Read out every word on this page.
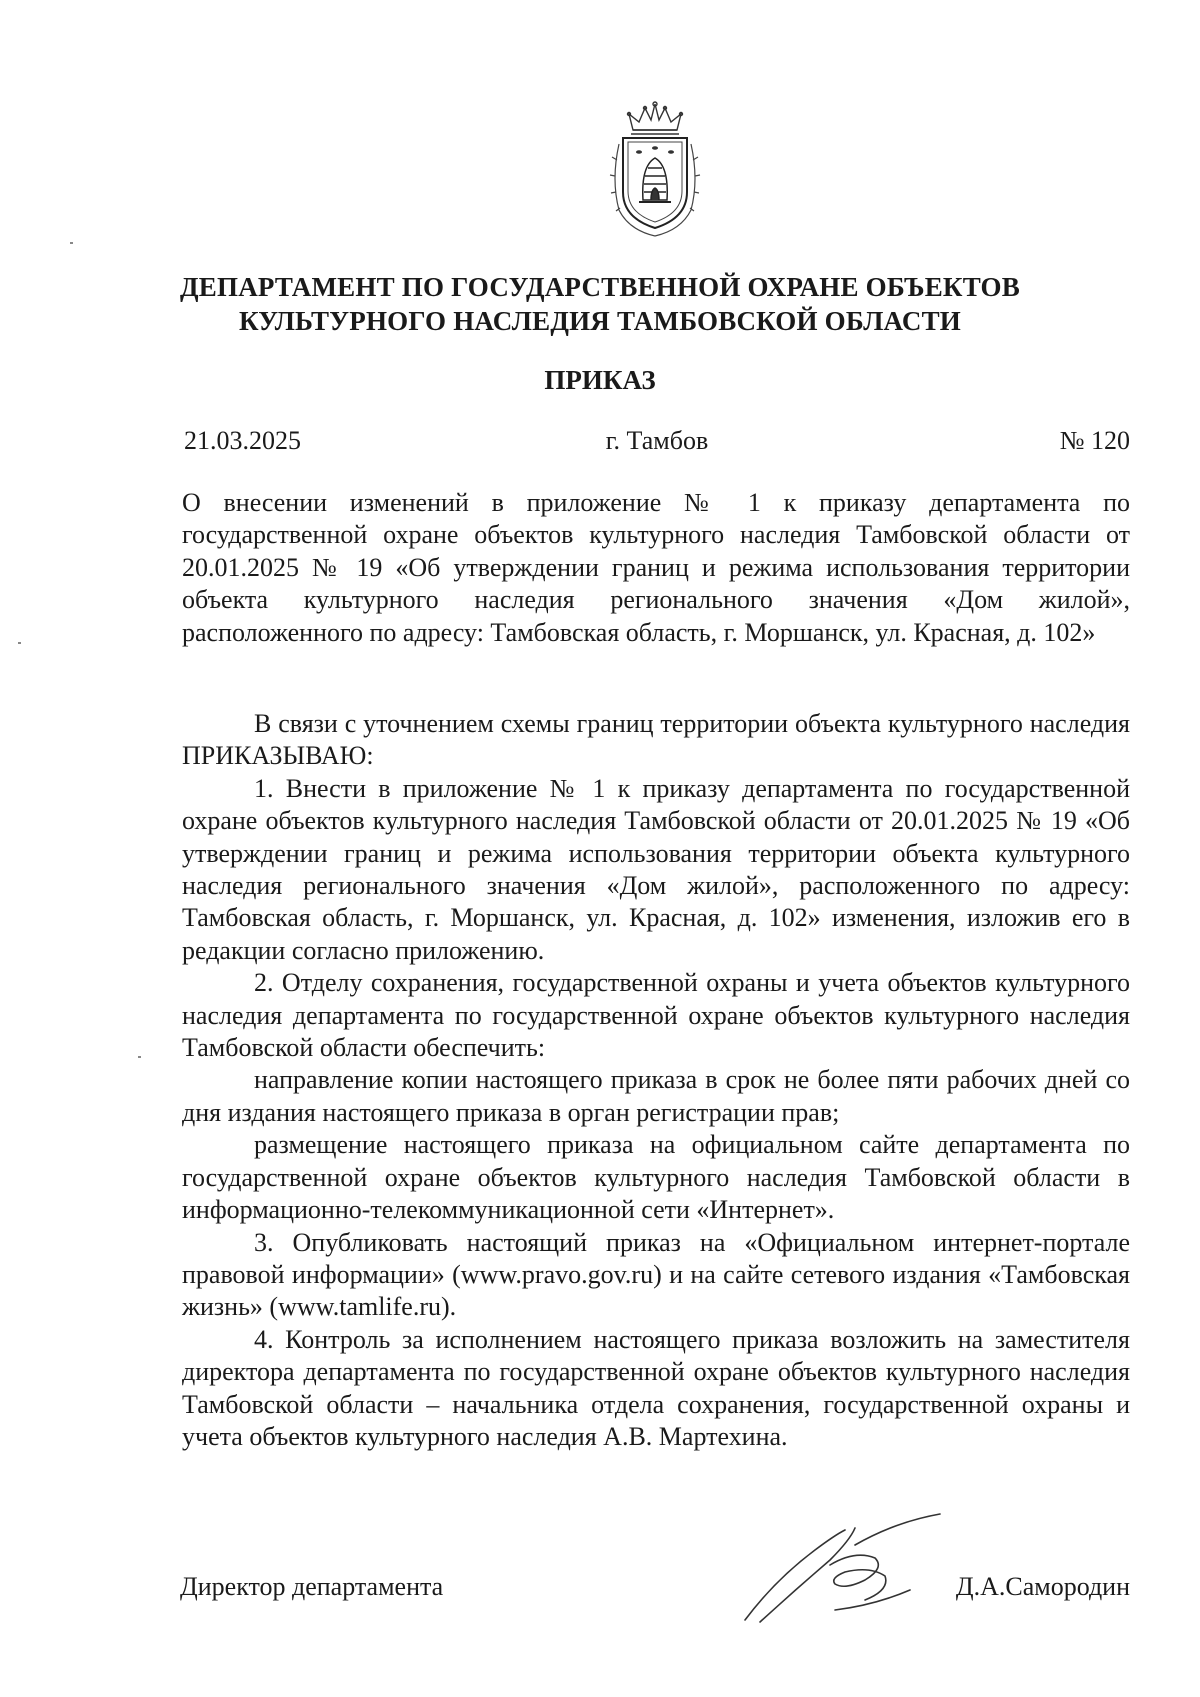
ДЕПАРТАМЕНТ ПО ГОСУДАРСТВЕННОЙ ОХРАНЕ ОБЪЕКТОВ КУЛЬТУРНОГО НАСЛЕДИЯ ТАМБОВСКОЙ ОБЛАСТИ
ПРИКАЗ
21.03.2025	г. Тамбов	№ 120

О внесении изменений в приложение № 1 к приказу департамента по государственной охране объектов культурного наследия Тамбовской области от 20.01.2025 № 19 «Об утверждении границ и режима использования территории объекта культурного наследия регионального значения «Дом жилой», расположенного по адресу: Тамбовская область, г. Моршанск, ул. Красная, д. 102»

В связи с уточнением схемы границ территории объекта культурного наследия ПРИКАЗЫВАЮ:

1. Внести в приложение № 1 к приказу департамента по государственной охране объектов культурного наследия Тамбовской области от 20.01.2025 № 19 «Об утверждении границ и режима использования территории объекта культурного наследия регионального значения «Дом жилой», расположенного по адресу: Тамбовская область, г. Моршанск, ул. Красная, д. 102» изменения, изложив его в редакции согласно приложению.

2. Отделу сохранения, государственной охраны и учета объектов культурного наследия департамента по государственной охране объектов культурного наследия Тамбовской области обеспечить:

направление копии настоящего приказа в срок не более пяти рабочих дней со дня издания настоящего приказа в орган регистрации прав;

размещение настоящего приказа на официальном сайте департамента по государственной охране объектов культурного наследия Тамбовской области в информационно-телекоммуникационной сети «Интернет».

3. Опубликовать настоящий приказ на «Официальном интернет-портале правовой информации» (www.pravo.gov.ru) и на сайте сетевого издания «Тамбовская жизнь» (www.tamlife.ru).

4. Контроль за исполнением настоящего приказа возложить на заместителя директора департамента по государственной охране объектов культурного наследия Тамбовской области – начальника отдела сохранения, государственной охраны и учета объектов культурного наследия А.В. Мартехина.

Директор департамента	Д.А.Самородин
